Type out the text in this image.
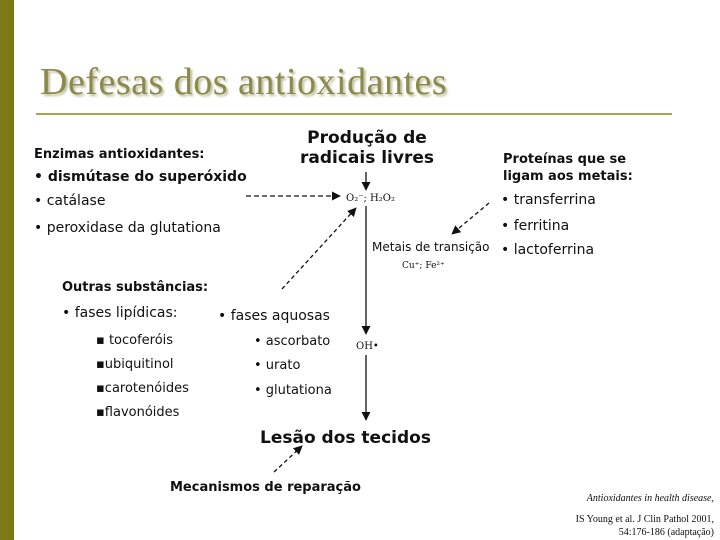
Defesas dos antioxidantes
Enzimas antioxidantes:
• dismútase do superóxido
• catálase
• peroxidase da glutationa
Produção de
radicais livres
O₂⁻; H₂O₂
Proteínas que se
ligam aos metais:
• transferrina
• ferritina
• lactoferrina
Metais de transição
Cu⁺; Fe²⁺
Outras substâncias:
• fases lipídicas:
▪ tocoferóis
▪ubiquitinol
▪carotenóides
▪flavonóides
• fases aquosas
• ascorbato
• urato
• glutationa
OH•
Lesão dos tecidos
Mecanismos de reparação
Antioxidantes in health disease,
IS Young et al. J Clin Pathol 2001,
54:176-186 (adaptação)
